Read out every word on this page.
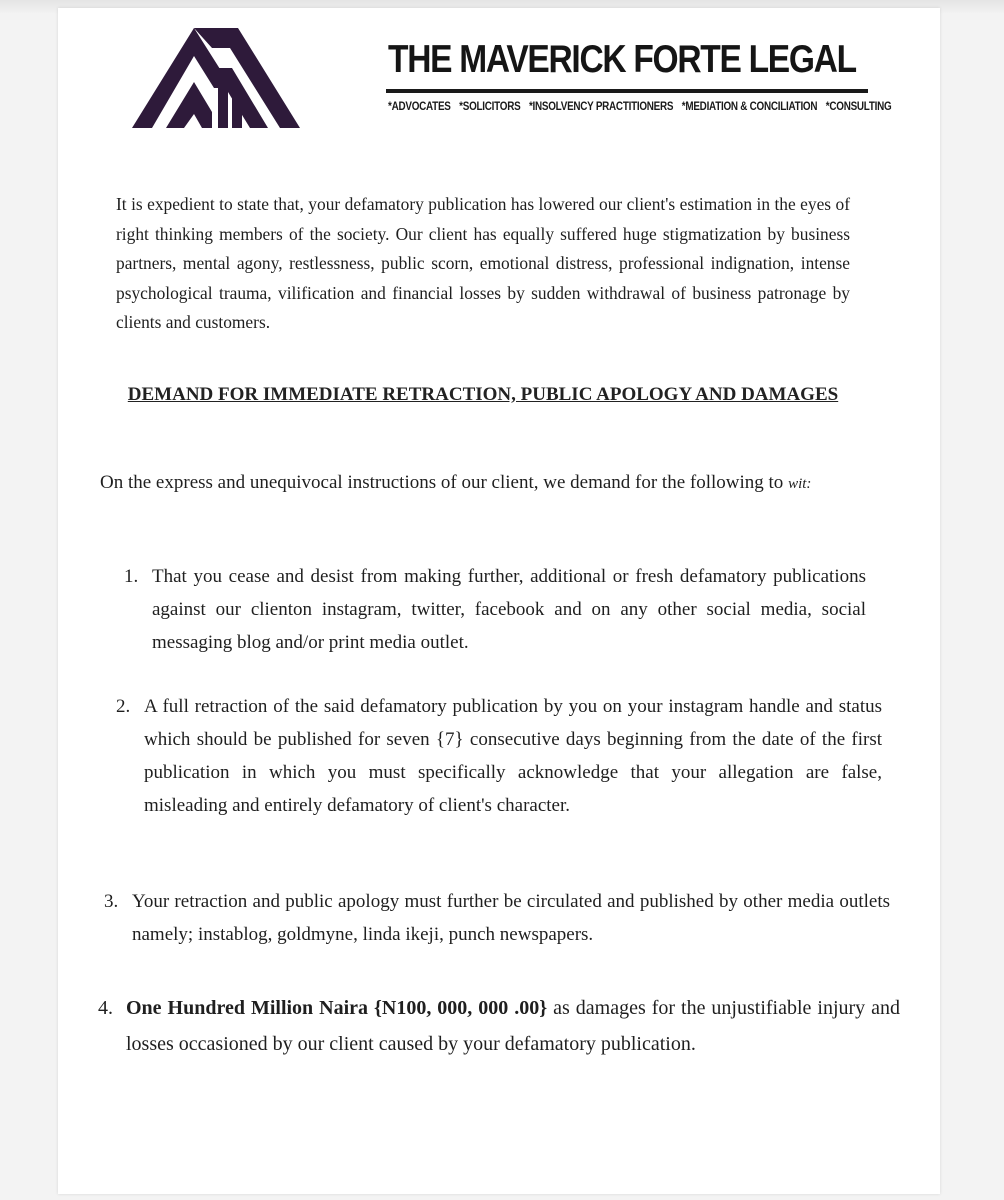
THE MAVERICK FORTE LEGAL
*ADVOCATES *SOLICITORS *INSOLVENCY PRACTITIONERS *MEDIATION & CONCILIATION *CONSULTING

It is expedient to state that, your defamatory publication has lowered our client's estimation in the eyes of right thinking members of the society. Our client has equally suffered huge stigmatization by business partners, mental agony, restlessness, public scorn, emotional distress, professional indignation, intense psychological trauma, vilification and financial losses by sudden withdrawal of business patronage by clients and customers.

DEMAND FOR IMMEDIATE RETRACTION, PUBLIC APOLOGY AND DAMAGES

On the express and unequivocal instructions of our client, we demand for the following to wit:

1. That you cease and desist from making further, additional or fresh defamatory publications against our clienton instagram, twitter, facebook and on any other social media, social messaging blog and/or print media outlet.
2. A full retraction of the said defamatory publication by you on your instagram handle and status which should be published for seven {7} consecutive days beginning from the date of the first publication in which you must specifically acknowledge that your allegation are false, misleading and entirely defamatory of client's character.
3. Your retraction and public apology must further be circulated and published by other media outlets namely; instablog, goldmyne, linda ikeji, punch newspapers.
4. One Hundred Million Naira {N100, 000, 000 .00} as damages for the unjustifiable injury and losses occasioned by our client caused by your defamatory publication.
